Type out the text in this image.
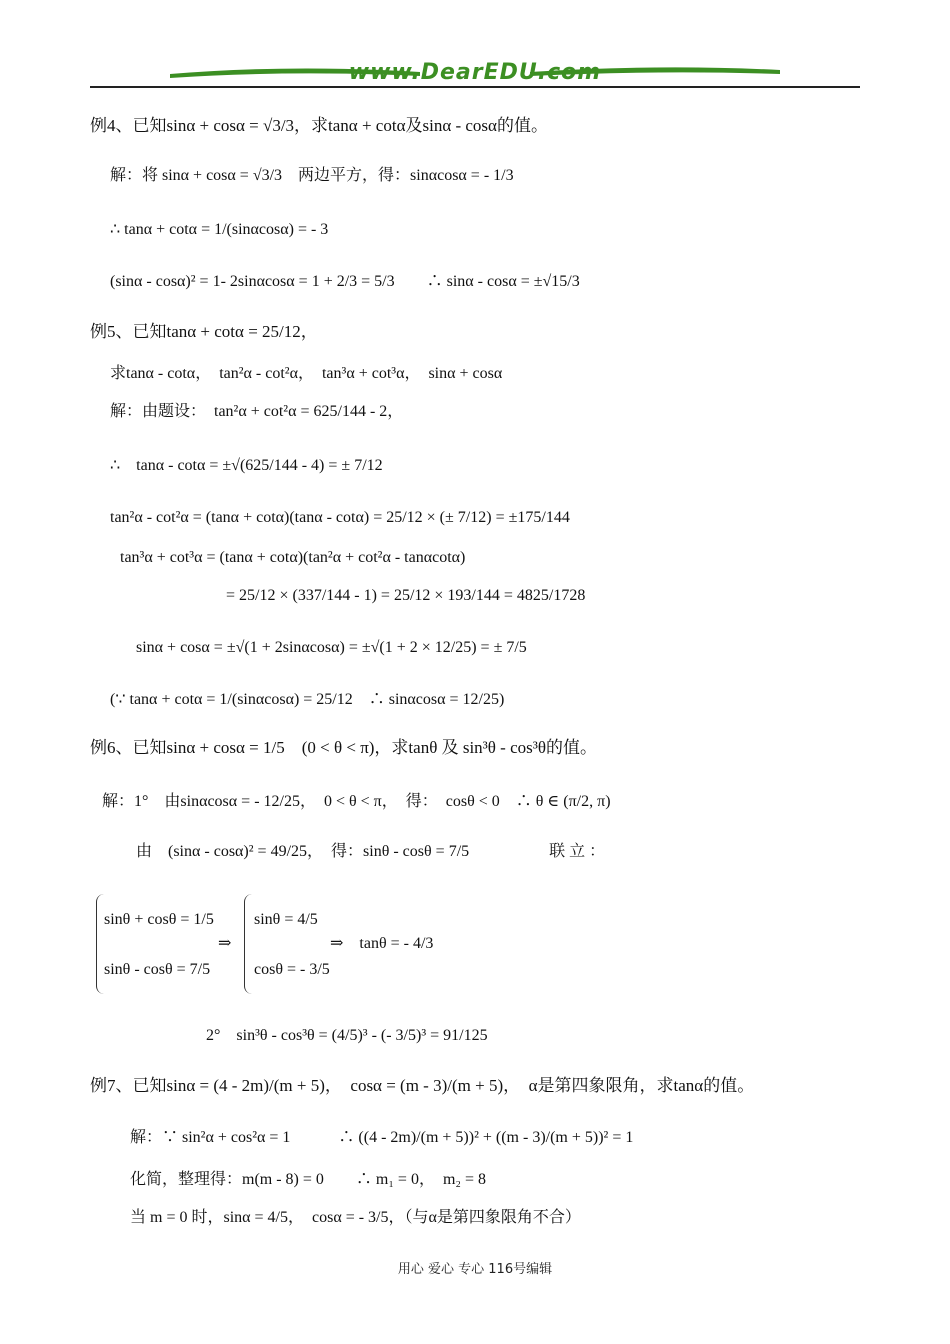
www.DearEDU.com
例4、已知sinα + cosα = √3/3，求tanα + cotα及sinα - cosα的值。
解：将 sinα + cosα = √3/3　两边平方，得：sinαcosα = - 1/3
∴ tanα + cotα = 1/(sinαcosα) = - 3
(sinα - cosα)² = 1- 2sinαcosα = 1 + 2/3 = 5/3　　∴ sinα - cosα = ±√15/3
例5、已知tanα + cotα = 25/12，
求tanα - cotα，　tan²α - cot²α，　tan³α + cot³α，　sinα + cosα
解：由题设：　tan²α + cot²α = 625/144 - 2，
∴　tanα - cotα = ±√(625/144 - 4) = ± 7/12
tan²α - cot²α = (tanα + cotα)(tanα - cotα) = 25/12 × (± 7/12) = ±175/144
tan³α + cot³α = (tanα + cotα)(tan²α + cot²α - tanαcotα)
= 25/12 × (337/144 - 1) = 25/12 × 193/144 = 4825/1728
sinα + cosα = ±√(1 + 2sinαcosα) = ±√(1 + 2 × 12/25) = ± 7/5
(∵ tanα + cotα = 1/(sinαcosα) = 25/12　∴ sinαcosα = 12/25)
例6、已知sinα + cosα = 1/5　(0 < θ < π)，求tanθ 及 sin³θ - cos³θ的值。
解：1°　由sinαcosα = - 12/25，　0 < θ < π，　得：　cosθ < 0　∴ θ ∈ (π/2, π)
由　(sinα - cosα)² = 49/25，　得：sinθ - cosθ = 7/5　　　　　联 立 ：
sinθ + cosθ = 1/5
sinθ - cosθ = 7/5
⇒
sinθ = 4/5
cosθ = - 3/5
⇒　tanθ = - 4/3
2°　sin³θ - cos³θ = (4/5)³ - (- 3/5)³ = 91/125
例7、已知sinα = (4 - 2m)/(m + 5)，　cosα = (m - 3)/(m + 5)，　α是第四象限角，求tanα的值。
解：∵ sin²α + cos²α = 1　　　∴ ((4 - 2m)/(m + 5))² + ((m - 3)/(m + 5))² = 1
化简，整理得：m(m - 8) = 0　　∴ m₁ = 0，　m₂ = 8
当 m = 0 时，sinα = 4/5，　cosα = - 3/5，（与α是第四象限角不合）
用心 爱心 专心 116号编辑
